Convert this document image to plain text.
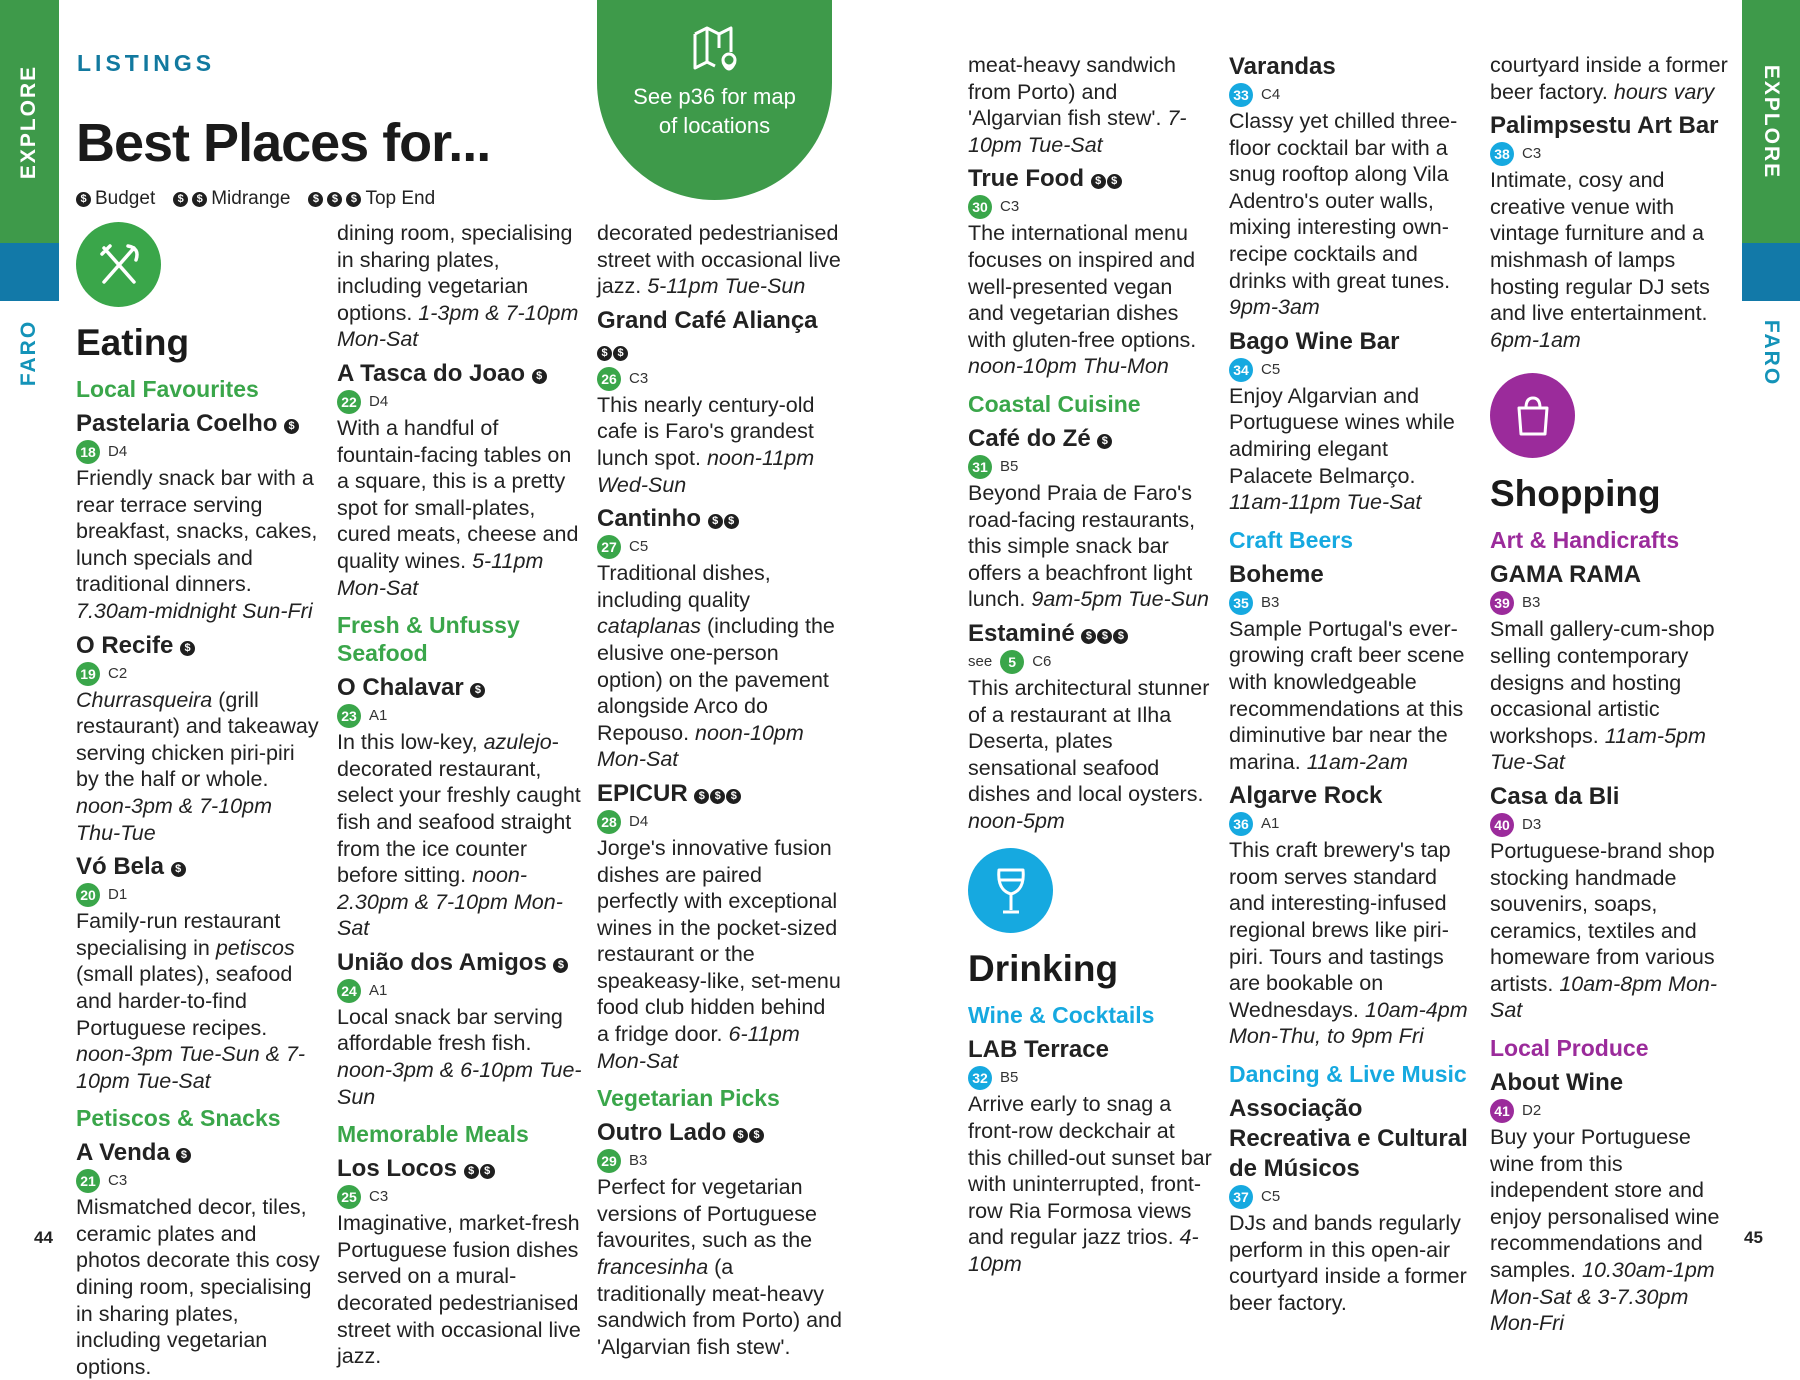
EXPLORE
FARO
EXPLORE
FARO
44	45
LISTINGS
Best Places for...
$ Budget	$	$ Midrange	$	$	$ Top End
See p36 for map
of locations
Eating
Local Favourites
Pastelaria Coelho $
18 D4

Friendly snack bar with a rear terrace serving breakfast, snacks, cakes, lunch specials and traditional dinners. 7.30am-midnight Sun-Fri

O Recife $
19 C2

Churrasqueira (grill restaurant) and takeaway serving chicken piri-piri by the half or whole. noon-3pm & 7-10pm Thu-Tue

Vó Bela $
20 D1

Family-run restaurant specialising in petiscos (small plates), seafood and harder-to-find Portuguese recipes. noon-3pm Tue-Sun & 7-10pm Tue-Sat

Petiscos & Snacks
A Venda $
21 C3

Mismatched decor, tiles, ceramic plates and photos decorate this cosy dining room, specialising in sharing plates, including vegetarian options.

dining room, specialising in sharing plates, including vegetarian options. 1-3pm & 7-10pm Mon-Sat

A Tasca do Joao $
22 D4

With a handful of fountain-facing tables on a square, this is a pretty spot for small-plates, cured meats, cheese and quality wines. 5-11pm Mon-Sat

Fresh & Unfussy Seafood
O Chalavar $
23 A1

In this low-key, azulejo-decorated restaurant, select your freshly caught fish and seafood straight from the ice counter before sitting. noon-2.30pm & 7-10pm Mon-Sat

União dos Amigos $
24 A1

Local snack bar serving affordable fresh fish. noon-3pm & 6-10pm Tue-Sun

Memorable Meals
Los Locos $ $
25 C3

Imaginative, market-fresh Portuguese fusion dishes served on a mural-decorated pedestrianised street with occasional live jazz.

decorated pedestrianised street with occasional live jazz. 5-11pm Tue-Sun

Grand Café Aliança
$ $
26 C3

This nearly century-old cafe is Faro's grandest lunch spot. noon-11pm Wed-Sun

Cantinho $ $
27 C5

Traditional dishes, including quality cataplanas (including the elusive one-person option) on the pavement alongside Arco do Repouso. noon-10pm Mon-Sat

EPICUR $ $ $
28 D4

Jorge's innovative fusion dishes are paired perfectly with exceptional wines in the pocket-sized restaurant or the speakeasy-like, set-menu food club hidden behind a fridge door. 6-11pm Mon-Sat

Vegetarian Picks
Outro Lado $ $
29 B3

Perfect for vegetarian versions of Portuguese favourites, such as the francesinha (a traditionally meat-heavy sandwich from Porto) and 'Algarvian fish stew'.

meat-heavy sandwich from Porto) and 'Algarvian fish stew'. 7-10pm Tue-Sat

True Food $ $
30 C3

The international menu focuses on inspired and well-presented vegan and vegetarian dishes with gluten-free options. noon-10pm Thu-Mon

Coastal Cuisine
Café do Zé $
31 B5

Beyond Praia de Faro's road-facing restaurants, this simple snack bar offers a beachfront light lunch. 9am-5pm Tue-Sun

Estaminé $ $ $
see	5	C6

This architectural stunner of a restaurant at Ilha Deserta, plates sensational seafood dishes and local oysters. noon-5pm

Drinking
Wine & Cocktails
LAB Terrace
32 B5

Arrive early to snag a front-row deckchair at this chilled-out sunset bar with uninterrupted, front-row Ria Formosa views and regular jazz trios. 4-10pm

Varandas
33 C4

Classy yet chilled three-floor cocktail bar with a snug rooftop along Vila Adentro's outer walls, mixing interesting own-recipe cocktails and drinks with great tunes. 9pm-3am

Bago Wine Bar
34 C5

Enjoy Algarvian and Portuguese wines while admiring elegant Palacete Belmarço. 11am-11pm Tue-Sat

Craft Beers
Boheme
35 B3

Sample Portugal's ever-growing craft beer scene with knowledgeable recommendations at this diminutive bar near the marina. 11am-2am

Algarve Rock
36 A1

This craft brewery's tap room serves standard and interesting-infused regional brews like piri-piri. Tours and tastings are bookable on Wednesdays. 10am-4pm Mon-Thu, to 9pm Fri

Dancing & Live Music
Associação Recreativa e Cultural de Músicos
37 C5

DJs and bands regularly perform in this open-air courtyard inside a former beer factory.

courtyard inside a former beer factory. hours vary

Palimpsestu Art Bar
38 C3

Intimate, cosy and creative venue with vintage furniture and a mishmash of lamps hosting regular DJ sets and live entertainment. 6pm-1am

Shopping
Art & Handicrafts
GAMA RAMA
39 B3

Small gallery-cum-shop selling contemporary designs and hosting occasional artistic workshops. 11am-5pm Tue-Sat

Casa da Bli
40 D3

Portuguese-brand shop stocking handmade souvenirs, soaps, ceramics, textiles and homeware from various artists. 10am-8pm Mon-Sat

Local Produce
About Wine
41 D2

Buy your Portuguese wine from this independent store and enjoy personalised wine recommendations and samples. 10.30am-1pm Mon-Sat & 3-7.30pm Mon-Fri
